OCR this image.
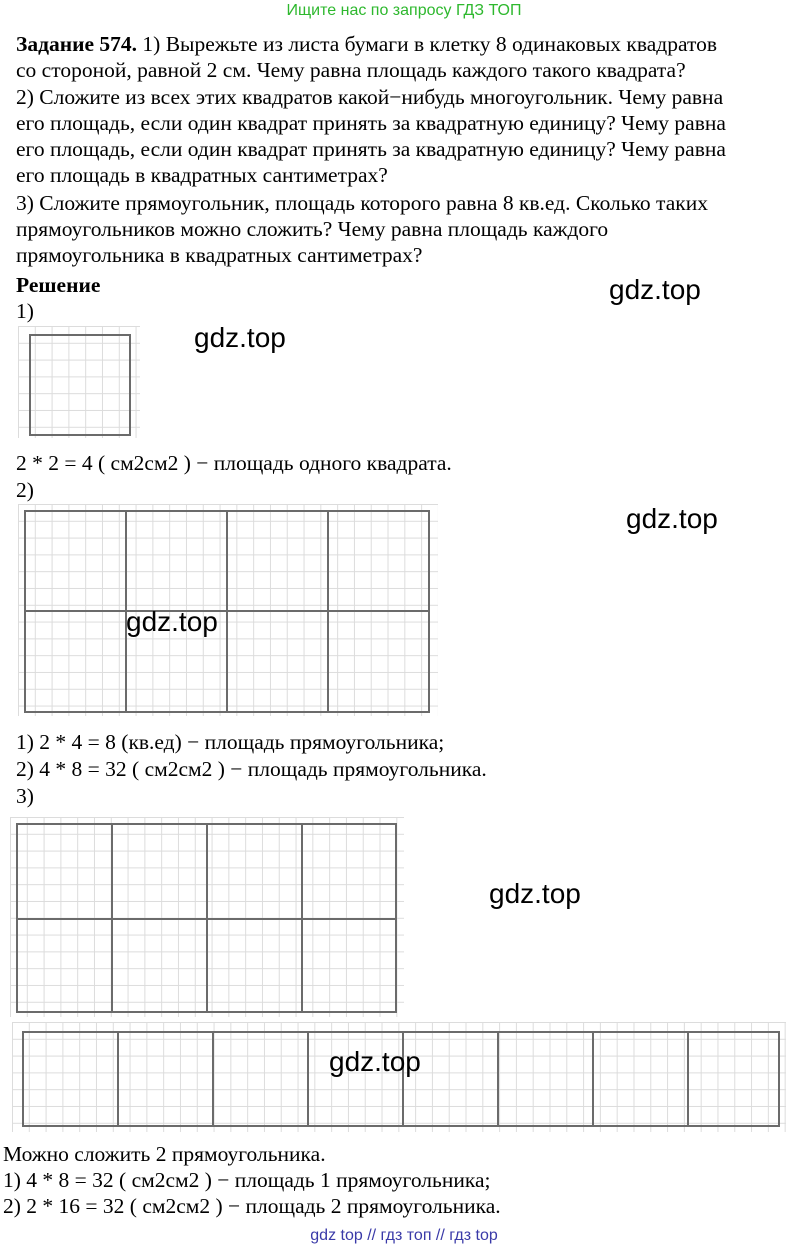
Ищите нас по запросу ГДЗ ТОП
Задание 574. 1) Вырежьте из листа бумаги в клетку 8 одинаковых квадратов
со стороной, равной 2 см. Чему равна площадь каждого такого квадрата?
2) Сложите из всех этих квадратов какой−нибудь многоугольник. Чему равна
его площадь, если один квадрат принять за квадратную единицу? Чему равна
его площадь, если один квадрат принять за квадратную единицу? Чему равна
его площадь в квадратных сантиметрах?
3) Сложите прямоугольник, площадь которого равна 8 кв.ед. Сколько таких
прямоугольников можно сложить? Чему равна площадь каждого
прямоугольника в квадратных сантиметрах?
Решение
1)
2 * 2 = 4 ( см2см2 ) − площадь одного квадрата.
2)
1) 2 * 4 = 8 (кв.ед) − площадь прямоугольника;
2) 4 * 8 = 32 ( см2см2 ) − площадь прямоугольника.
3)
Можно сложить 2 прямоугольника.
1) 4 * 8 = 32 ( см2см2 ) − площадь 1 прямоугольника;
2) 2 * 16 = 32 ( см2см2 ) − площадь 2 прямоугольника.
gdz.top
gdz.top
gdz.top
gdz.top
gdz.top
gdz.top
gdz top // гдз топ // гдз top
